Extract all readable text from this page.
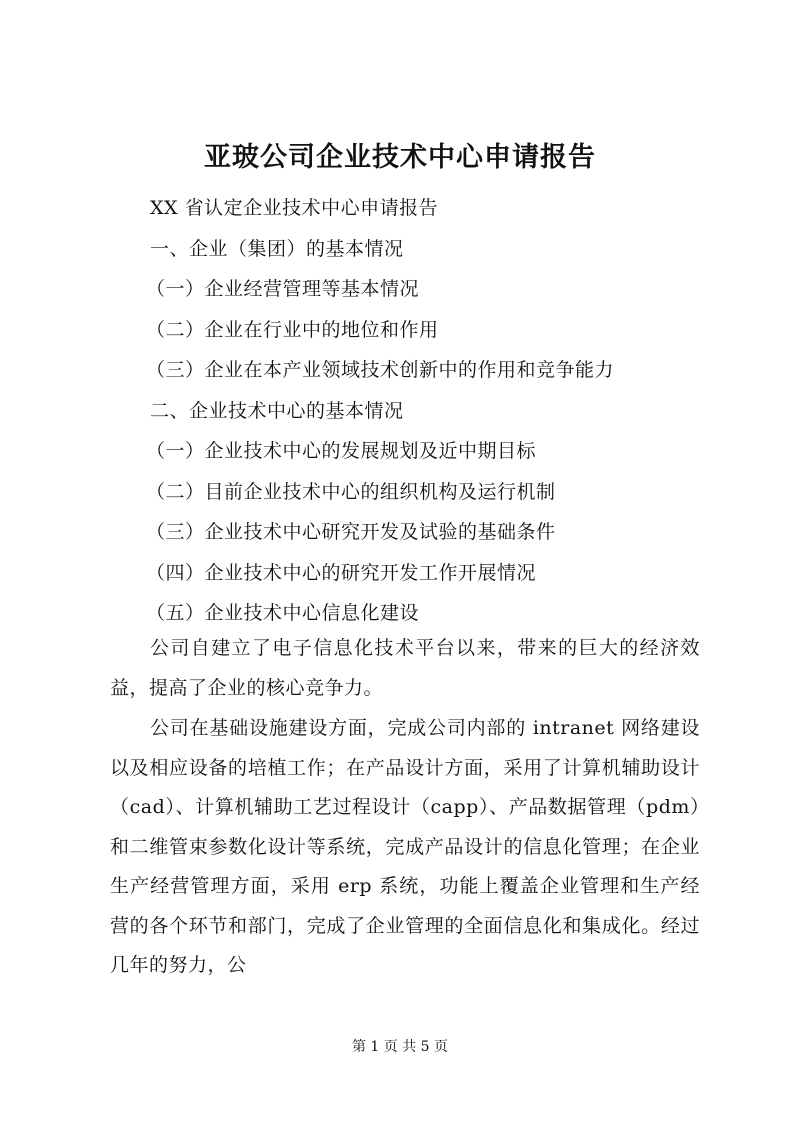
亚玻公司企业技术中心申请报告
XX 省认定企业技术中心申请报告
一、企业（集团）的基本情况
（一）企业经营管理等基本情况
（二）企业在行业中的地位和作用
（三）企业在本产业领域技术创新中的作用和竞争能力
二、企业技术中心的基本情况
（一）企业技术中心的发展规划及近中期目标
（二）目前企业技术中心的组织机构及运行机制
（三）企业技术中心研究开发及试验的基础条件
（四）企业技术中心的研究开发工作开展情况
（五）企业技术中心信息化建设

公司自建立了电子信息化技术平台以来，带来的巨大的经济效益，提高了企业的核心竞争力。

公司在基础设施建设方面，完成公司内部的 intranet 网络建设以及相应设备的培植工作；在产品设计方面，采用了计算机辅助设计（cad）、计算机辅助工艺过程设计（capp）、产品数据管理（pdm）和二维管束参数化设计等系统，完成产品设计的信息化管理；在企业生产经营管理方面，采用 erp 系统，功能上覆盖企业管理和生产经营的各个环节和部门，完成了企业管理的全面信息化和集成化。经过几年的努力，公

第 1 页 共 5 页
